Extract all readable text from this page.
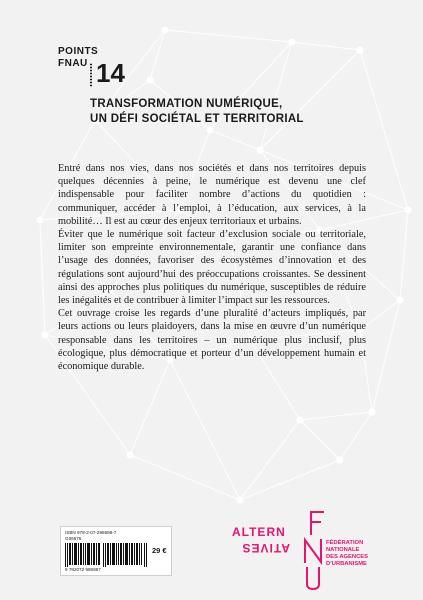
POINTS
FNAU 14
TRANSFORMATION NUMÉRIQUE,
UN DÉFI SOCIÉTAL ET TERRITORIAL

Entré dans nos vies, dans nos sociétés et dans nos territoires depuis quelques décennies à peine, le numérique est devenu une clef indispensable pour faciliter nombre d’actions du quotidien : communiquer, accéder à l’emploi, à l’éducation, aux services, à la mobilité… Il est au cœur des enjeux territoriaux et urbains.

Éviter que le numérique soit facteur d’exclusion sociale ou territoriale, limiter son empreinte environnementale, garantir une confiance dans l’usage des données, favoriser des écosystèmes d’innovation et des régulations sont aujourd’hui des préoccupations croissantes. Se dessinent ainsi des approches plus politiques du numérique, susceptibles de réduire les inégalités et de contribuer à limiter l’impact sur les ressources.

Cet ouvrage croise les regards d’une pluralité d’acteurs impliqués, par leurs actions ou leurs plaidoyers, dans la mise en œuvre d’un numérique responsable dans les territoires – un numérique plus inclusif, plus écologique, plus démocratique et porteur d’un développement humain et économique durable.

ISBN 978-2-07-298698-7
G06676
9 782072 986987
29 €
ALTERN
ATIVES	FÉDÉRATION
NATIONALE
DES AGENCES
D’URBANISME
